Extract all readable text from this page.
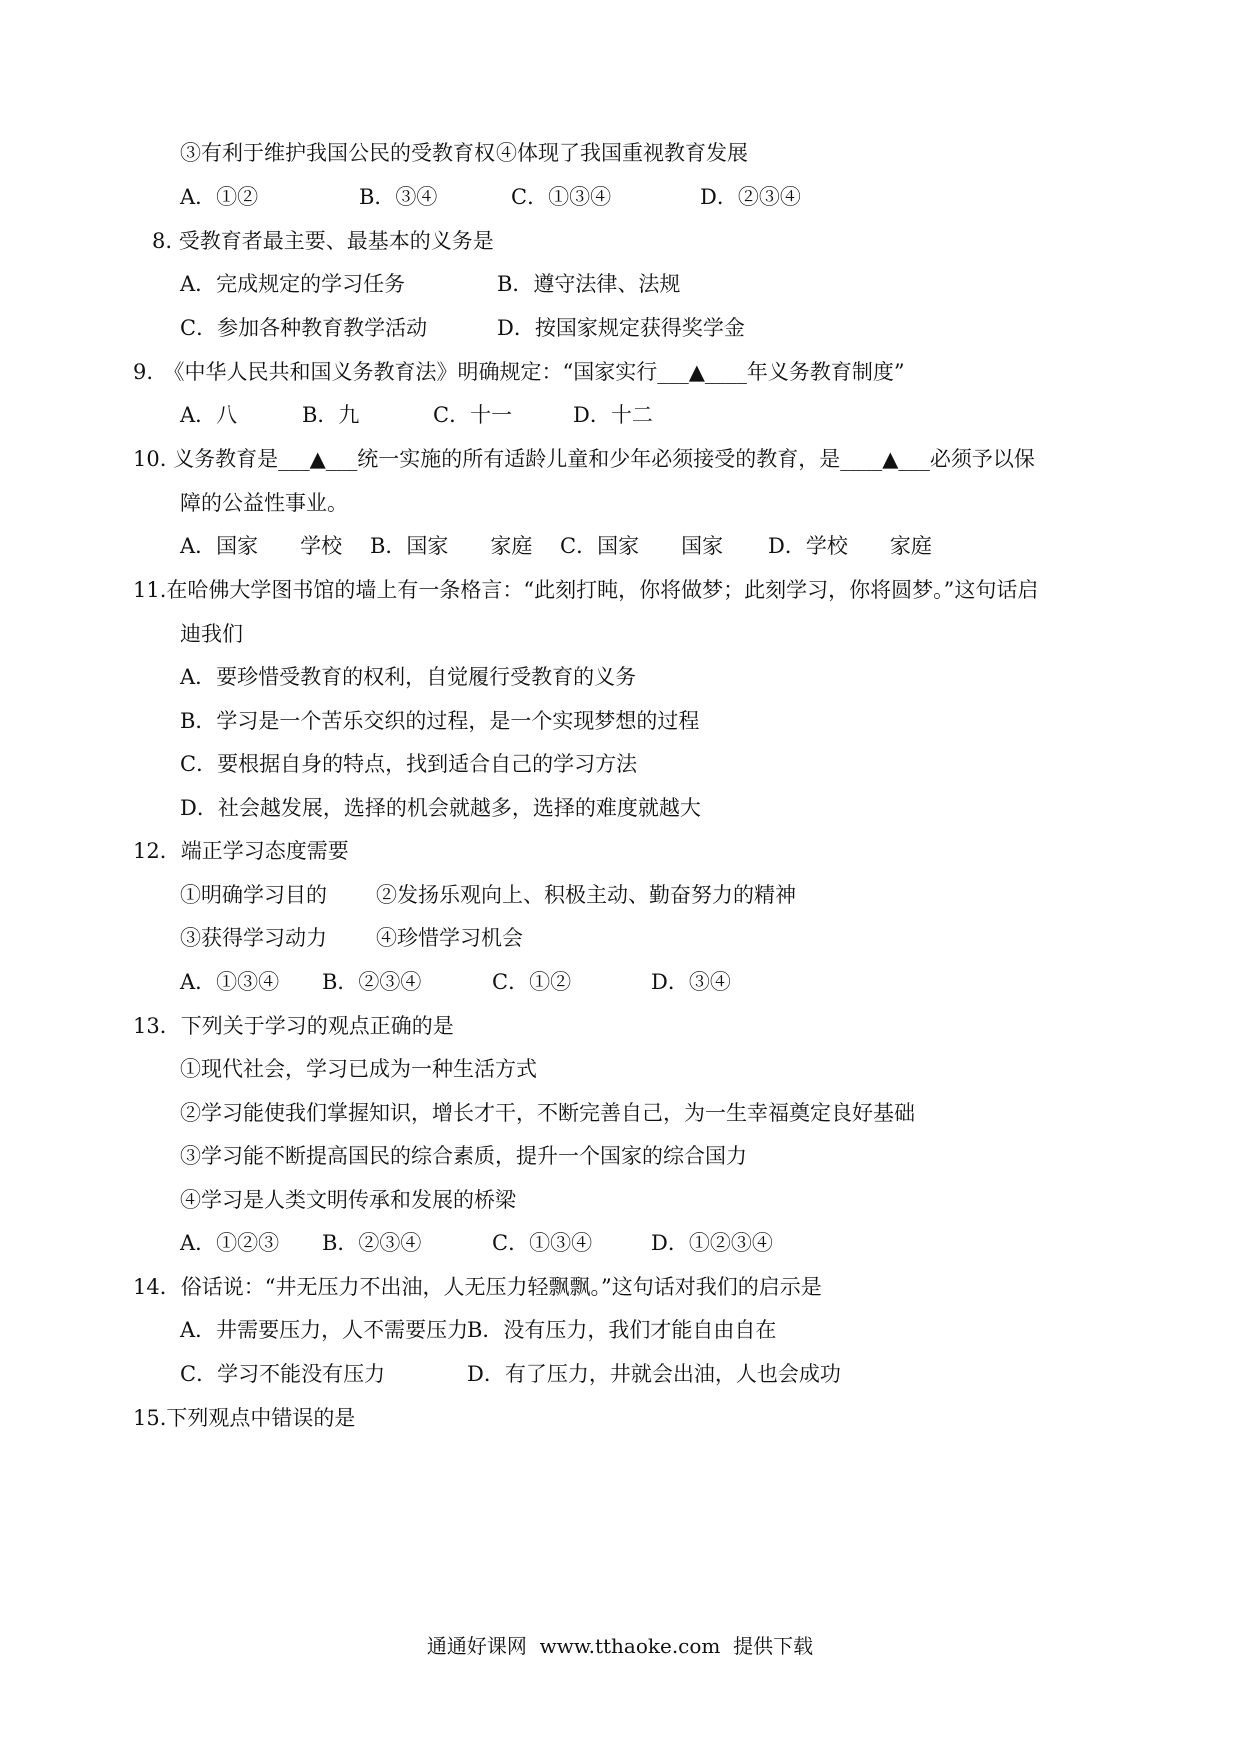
③有利于维护我国公民的受教育权 ④体现了我国重视教育发展
A．①②	B．③④	C．①③④	D．②③④
8. 受教育者最主要、最基本的义务是
A．完成规定的学习任务	B．遵守法律、法规
C．参加各种教育教学活动	D．按国家规定获得奖学金
9.　《中华人民共和国义务教育法》明确规定：“国家实行___▲____年义务教育制度”
A．八	B．九	C．十一	D．十二
10. 义务教育是___▲___统一实施的所有适龄儿童和少年必须接受的教育，是____▲___必须予以保
障的公益性事业。
A．国家　　学校 B．国家　　家庭 C．国家　　国家 D．学校　　家庭
11.在哈佛大学图书馆的墙上有一条格言：“此刻打盹，你将做梦；此刻学习，你将圆梦。”这句话启
迪我们
A．要珍惜受教育的权利，自觉履行受教育的义务
B．学习是一个苦乐交织的过程，是一个实现梦想的过程
C．要根据自身的特点，找到适合自己的学习方法
D．社会越发展，选择的机会就越多，选择的难度就越大
12．端正学习态度需要
①明确学习目的 ②发扬乐观向上、积极主动、勤奋努力的精神
③获得学习动力 ④珍惜学习机会
A．①③④ B．②③④	C．①②	D．③④
13．下列关于学习的观点正确的是
①现代社会，学习已成为一种生活方式
②学习能使我们掌握知识，增长才干，不断完善自己，为一生幸福奠定良好基础
③学习能不断提高国民的综合素质，提升一个国家的综合国力
④学习是人类文明传承和发展的桥梁
A．①②③ B．②③④	C．①③④	D．①②③④
14．俗话说：“井无压力不出油，人无压力轻飘飘。”这句话对我们的启示是
A．井需要压力，人不需要压力
B．没有压力，我们才能自由自在
C．学习不能没有压力	D．有了压力，井就会出油，人也会成功
15.下列观点中错误的是
通通好课网  www.tthaoke.com  提供下载
